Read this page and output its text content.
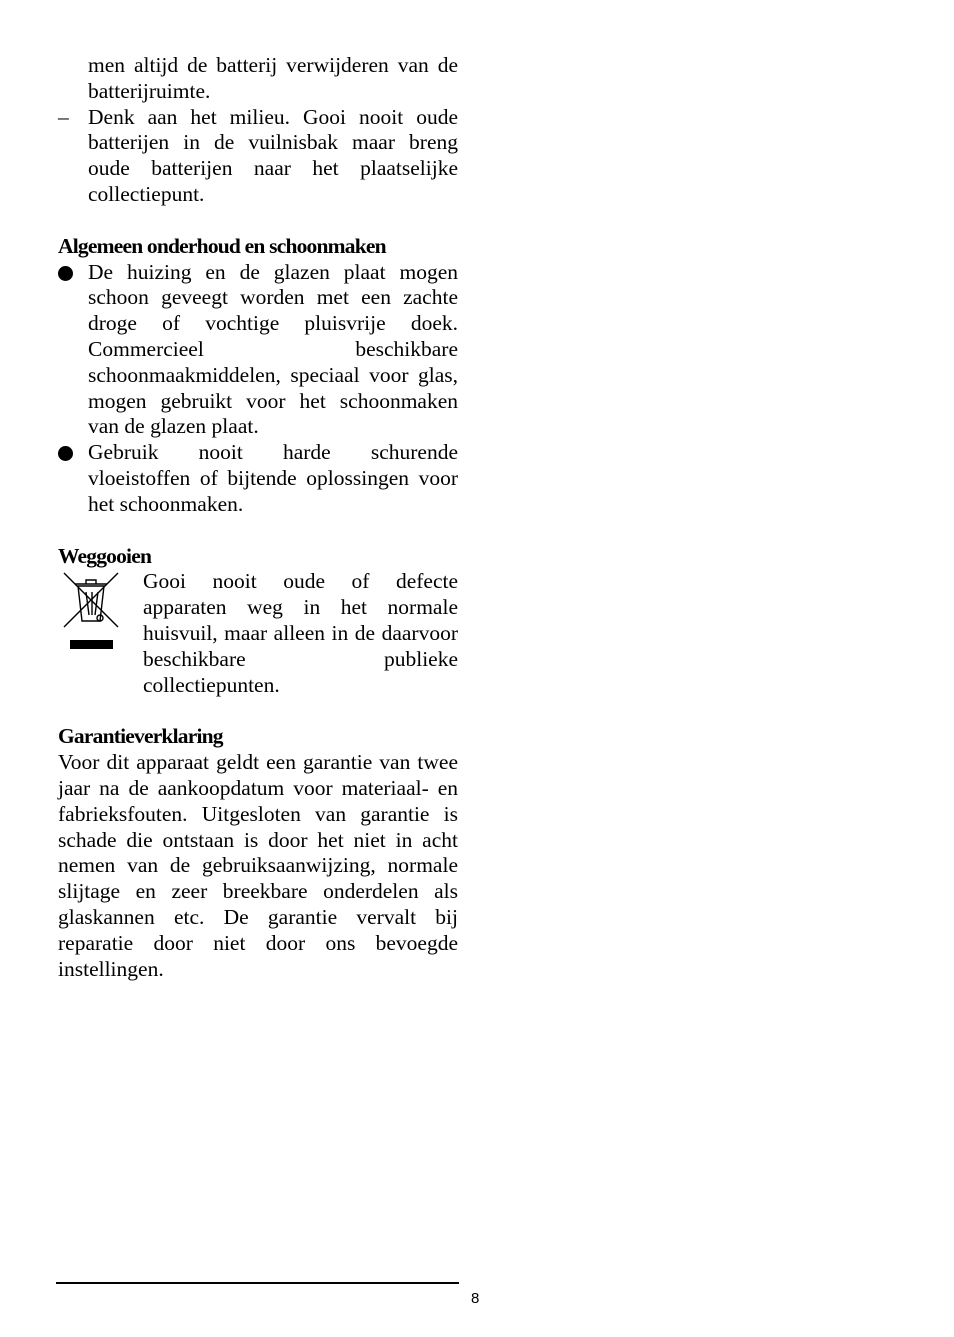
men altijd de batterij verwijderen van de batterijruimte.
– Denk aan het milieu. Gooi nooit oude batterijen in de vuilnisbak maar breng oude batterijen naar het plaatselijke collectiepunt.
Algemeen onderhoud en schoonmaken
De huizing en de glazen plaat mogen schoon geveegt worden met een zachte droge of vochtige pluisvrije doek. Commercieel beschikbare schoonmaakmiddelen, speciaal voor glas, mogen gebruikt voor het schoonmaken van de glazen plaat.
Gebruik nooit harde schurende vloeistoffen of bijtende oplossingen voor het schoonmaken.
Weggooien
Gooi nooit oude of defecte apparaten weg in het normale huisvuil, maar alleen in de daarvoor beschikbare publieke collectiepunten.
Garantieverklaring

Voor dit apparaat geldt een garantie van twee jaar na de aankoopdatum voor materiaal- en fabrieksfouten. Uitgesloten van garantie is schade die ontstaan is door het niet in acht nemen van de gebruiksaanwijzing, normale slijtage en zeer breekbare onderdelen als glaskannen etc. De garantie vervalt bij reparatie door niet door ons bevoegde instellingen.

8
